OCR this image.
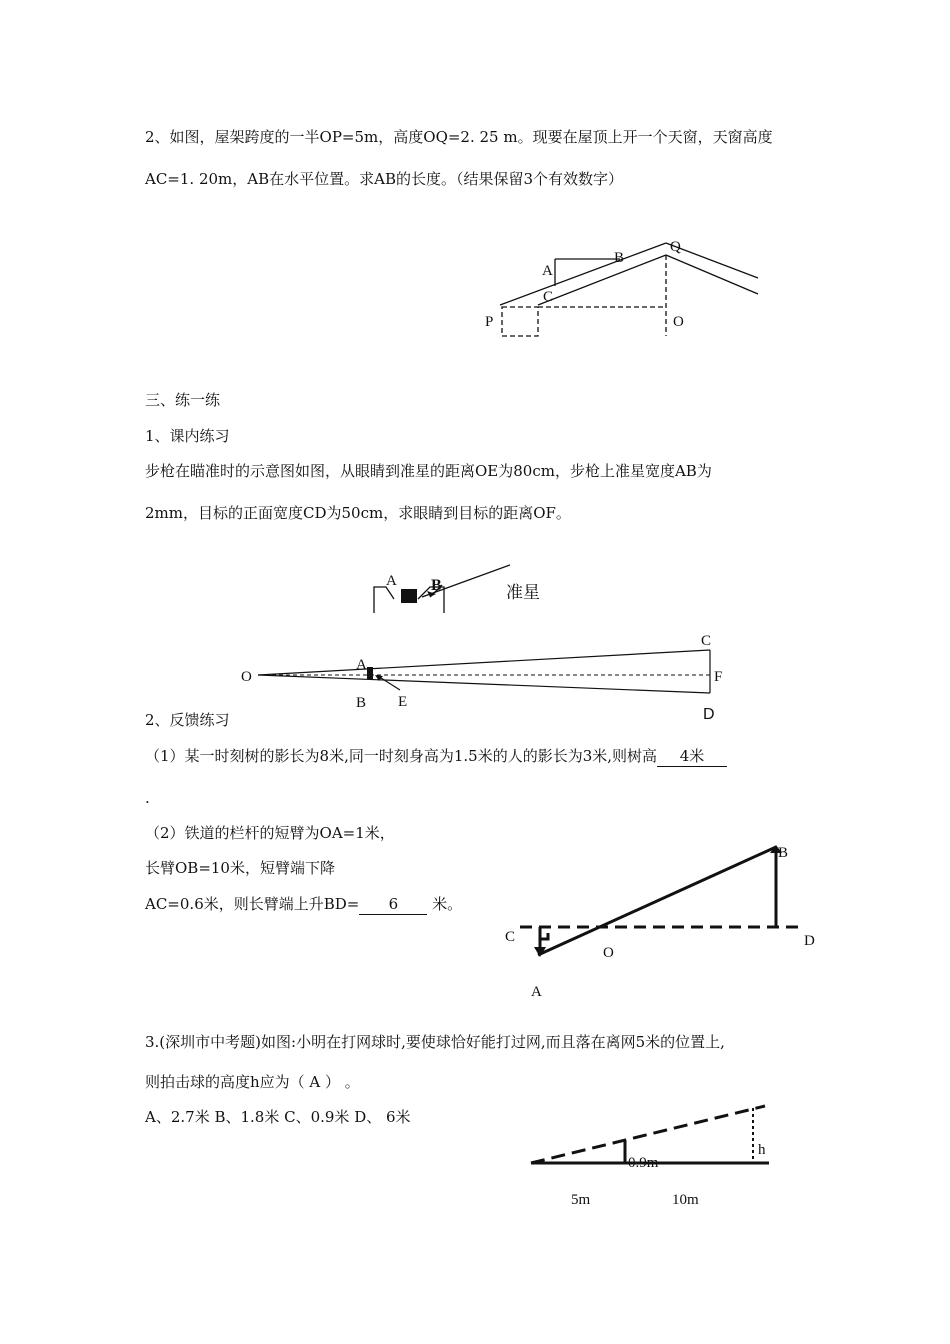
2、如图，屋架跨度的一半OP=5m，高度OQ=2. 25 m。现要在屋顶上开一个天窗，天窗高度
AC=1. 20m，AB在水平位置。求AB的长度。（结果保留3个有效数字）
A
B
C
Q
P	O
三、练一练
1、课内练习
步枪在瞄准时的示意图如图，从眼睛到准星的距离OE为80cm，步枪上准星宽度AB为
2mm，目标的正面宽度CD为50cm，求眼睛到目标的距离OF。
A B	准星
O
A
B E
C
F
D
2、反馈练习
（1）某一时刻树的影长为8米,同一时刻身高为1.5米的人的影长为3米,则树高 4米
.
（2）铁道的栏杆的短臂为OA=1米，
长臂OB=10米，短臂端下降
AC=0.6米，则长臂端上升BD= 6 米。
B
C	D
O
A
3.(深圳市中考题)如图:小明在打网球时,要使球恰好能打过网,而且落在离网5米的位置上,
则拍击球的高度h应为（ A ） 。
A、2.7米 B、1.8米 C、0.9米 D、 6米
h
0.9m
5m	10m
